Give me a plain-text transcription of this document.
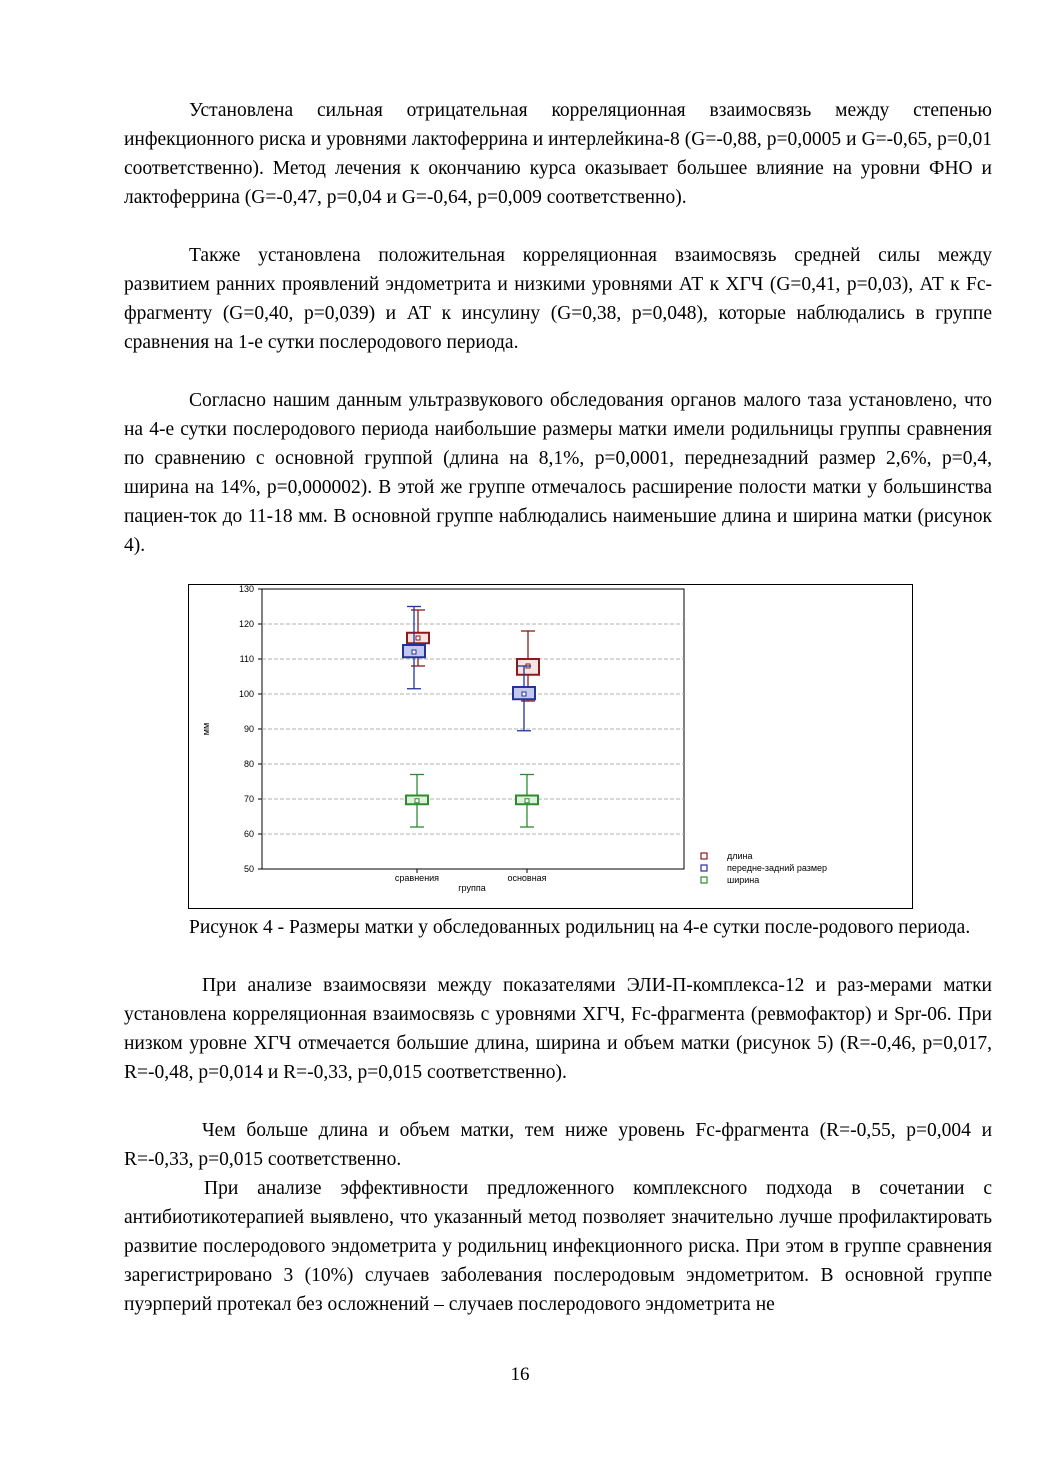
Установлена сильная отрицательная корреляционная взаимосвязь между степенью инфекционного риска и уровнями лактоферрина и интерлейкина-8 (G=-0,88, р=0,0005 и G=-0,65, р=0,01 соответственно). Метод лечения к окончанию курса оказывает большее влияние на уровни ФНО и лактоферрина (G=-0,47, р=0,04 и G=-0,64, р=0,009 соответственно).

Также установлена положительная корреляционная взаимосвязь средней силы между развитием ранних проявлений эндометрита и низкими уровнями АТ к ХГЧ (G=0,41, р=0,03), АТ к Fc-фрагменту (G=0,40, р=0,039) и АТ к инсулину (G=0,38, р=0,048), которые наблюдались в группе сравнения на 1-е сутки послеродового периода.

Согласно нашим данным ультразвукового обследования органов малого таза установлено, что на 4-е сутки послеродового периода наибольшие размеры матки имели родильницы группы сравнения по сравнению с основной группой (длина на 8,1%, р=0,0001, переднезадний размер 2,6%, р=0,4, ширина на 14%, р=0,000002). В этой же группе отмечалось расширение полости матки у большинства пациен-ток до 11-18 мм. В основной группе наблюдались наименьшие длина и ширина матки (рисунок 4).

50
60
70
80
90
100
110
120
130
мм
сравнения	основная
группа
длина
передне-задний размер
ширина

Рисунок 4 - Размеры матки у обследованных родильниц на 4-е сутки после-родового периода.

При анализе взаимосвязи между показателями ЭЛИ-П-комплекса-12 и раз-мерами матки установлена корреляционная взаимосвязь с уровнями ХГЧ, Fc-фрагмента (ревмофактор) и Spr-06. При низком уровне ХГЧ отмечается большие длина, ширина и объем матки (рисунок 5) (R=-0,46, р=0,017, R=-0,48, р=0,014 и R=-0,33, р=0,015 соответственно).

Чем больше длина и объем матки, тем ниже уровень Fc-фрагмента (R=-0,55, р=0,004 и R=-0,33, р=0,015 соответственно.

При анализе эффективности предложенного комплексного подхода в сочетании с антибиотикотерапией выявлено, что указанный метод позволяет значительно лучше профилактировать развитие послеродового эндометрита у родильниц инфекционного риска. При этом в группе сравнения зарегистрировано 3 (10%) случаев заболевания послеродовым эндометритом. В основной группе пуэрперий протекал без осложнений – случаев послеродового эндометрита не

16
